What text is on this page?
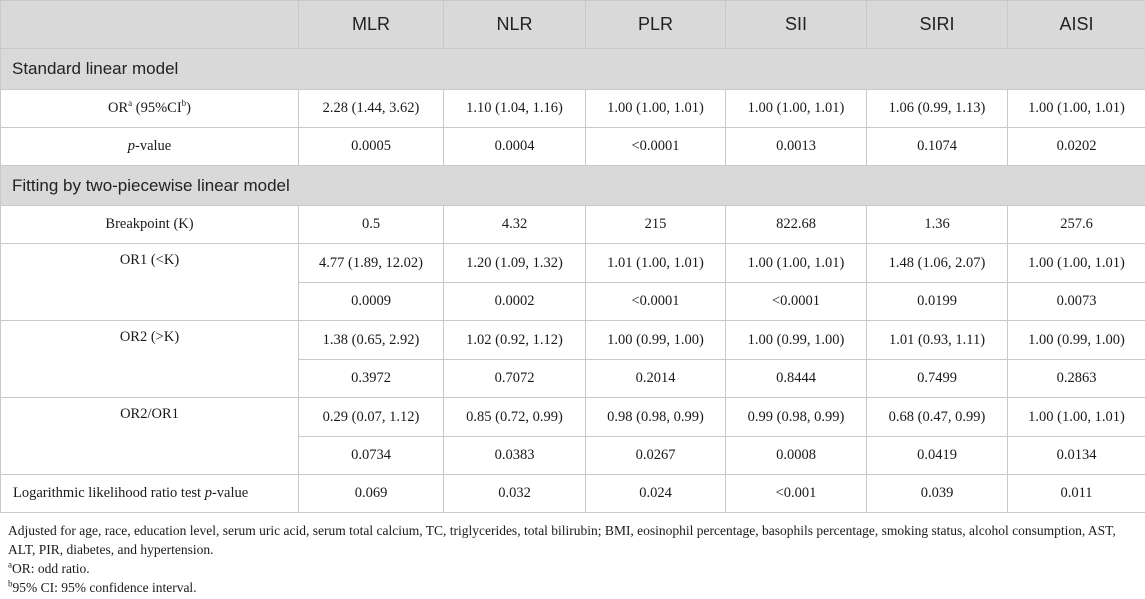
	MLR	NLR	PLR	SII	SIRI	AISI
Standard linear model						
$OR^a$ $(95\%CI^b)$	2.28 (1.44, 3.62)	1.10 (1.04, 1.16)	1.00 (1.00, 1.01)	1.00 (1.00, 1.01)	1.06 (0.99, 1.13)	1.00 (1.00, 1.01)
p-value	0.0005	0.0004	<0.0001	0.0013	0.1074	0.0202
Fitting by two-piecewise linear model						
Breakpoint (K)	0.5	4.32	215	822.68	1.36	257.6
OR1 (<K)	4.77 (1.89, 12.02)	1.20 (1.09, 1.32)	1.01 (1.00, 1.01)	1.00 (1.00, 1.01)	1.48 (1.06, 2.07)	1.00 (1.00, 1.01)
	0.0009	0.0002	<0.0001	<0.0001	0.0199	0.0073
OR2 (>K)	1.38 (0.65, 2.92)	1.02 (0.92, 1.12)	1.00 (0.99, 1.00)	1.00 (0.99, 1.00)	1.01 (0.93, 1.11)	1.00 (0.99, 1.00)
	0.3972	0.7072	0.2014	0.8444	0.7499	0.2863
OR2/OR1	0.29 (0.07, 1.12)	0.85 (0.72, 0.99)	0.98 (0.98, 0.99)	0.99 (0.98, 0.99)	0.68 (0.47, 0.99)	1.00 (1.00, 1.01)
	0.0734	0.0383	0.0267	0.0008	0.0419	0.0134
Logarithmic likelihood ratio test p-value	0.069	0.032	0.024	<0.001	0.039	0.011

Adjusted for age, race, education level, serum uric acid, serum total calcium, TC, triglycerides, total bilirubin; BMI, eosinophil percentage, basophils percentage, smoking status, alcohol consumption, AST, ALT, PIR, diabetes, and hypertension.

$^a$OR: odd ratio.

$^b$95% CI: 95% confidence interval.
